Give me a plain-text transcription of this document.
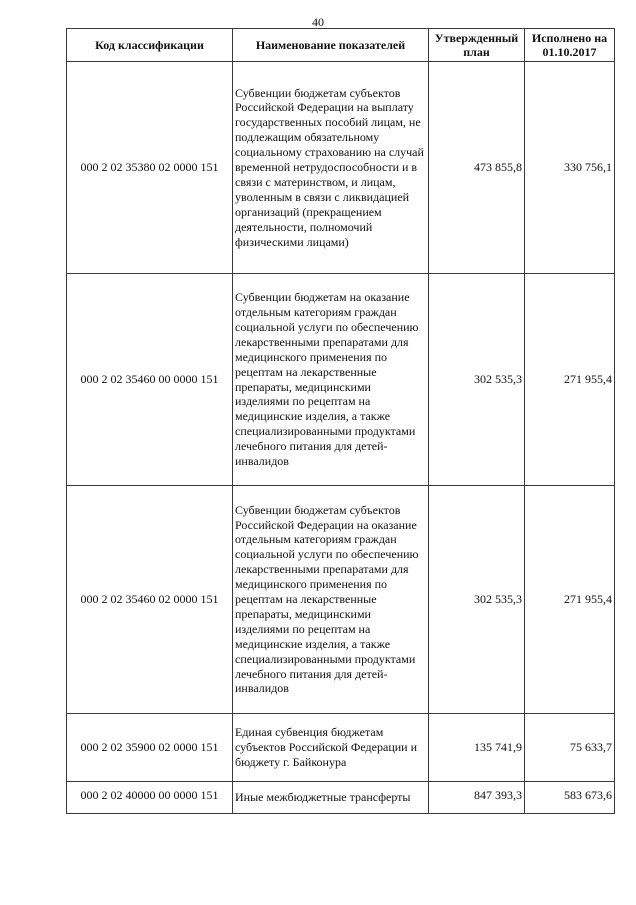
40
Код классификации	Наименование показателей	Утвержденный план	Исполнено на 01.10.2017
000 2 02 35380 02 0000 151	Субвенции бюджетам субъектов Российской Федерации на выплату государственных пособий лицам, не подлежащим обязательному социальному страхованию на случай временной нетрудоспособности и в связи с материнством, и лицам, уволенным в связи с ликвидацией организаций (прекращением деятельности, полномочий физическими лицами)	473 855,8	330 756,1
000 2 02 35460 00 0000 151	Субвенции бюджетам на оказание отдельным категориям граждан социальной услуги по обеспечению лекарственными препаратами для медицинского применения по рецептам на лекарственные препараты, медицинскими изделиями по рецептам на медицинские изделия, а также специализированными продуктами лечебного питания для детей-инвалидов	302 535,3	271 955,4
000 2 02 35460 02 0000 151	Субвенции бюджетам субъектов Российской Федерации на оказание отдельным категориям граждан социальной услуги по обеспечению лекарственными препаратами для медицинского применения по рецептам на лекарственные препараты, медицинскими изделиями по рецептам на медицинские изделия, а также специализированными продуктами лечебного питания для детей-инвалидов	302 535,3	271 955,4
000 2 02 35900 02 0000 151	Единая субвенция бюджетам субъектов Российской Федерации и бюджету г. Байконура	135 741,9	75 633,7
000 2 02 40000 00 0000 151	Иные межбюджетные трансферты	847 393,3	583 673,6
